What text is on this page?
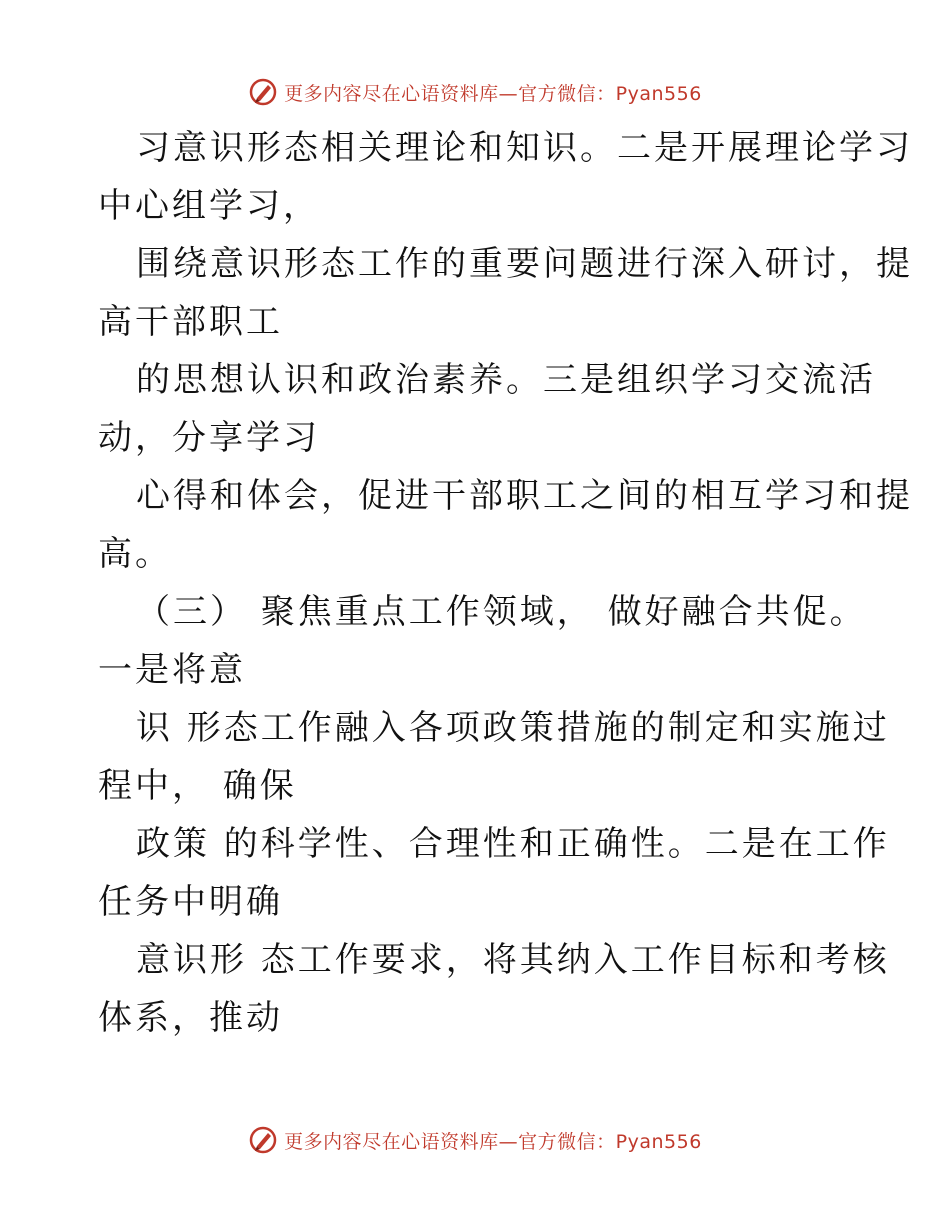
更多内容尽在心语资料库—官方微信：Pyan556
习意识形态相关理论和知识。二是开展理论学习
中心组学习，
围绕意识形态工作的重要问题进行深入研讨，提
高干部职工
的思想认识和政治素养。三是组织学习交流活
动，分享学习
心得和体会，促进干部职工之间的相互学习和提
高。
（三） 聚焦重点工作领域， 做好融合共促。
一是将意
识 形态工作融入各项政策措施的制定和实施过
程中， 确保
政策 的科学性、合理性和正确性。二是在工作
任务中明确
意识形 态工作要求，将其纳入工作目标和考核
体系，推动
更多内容尽在心语资料库—官方微信：Pyan556
